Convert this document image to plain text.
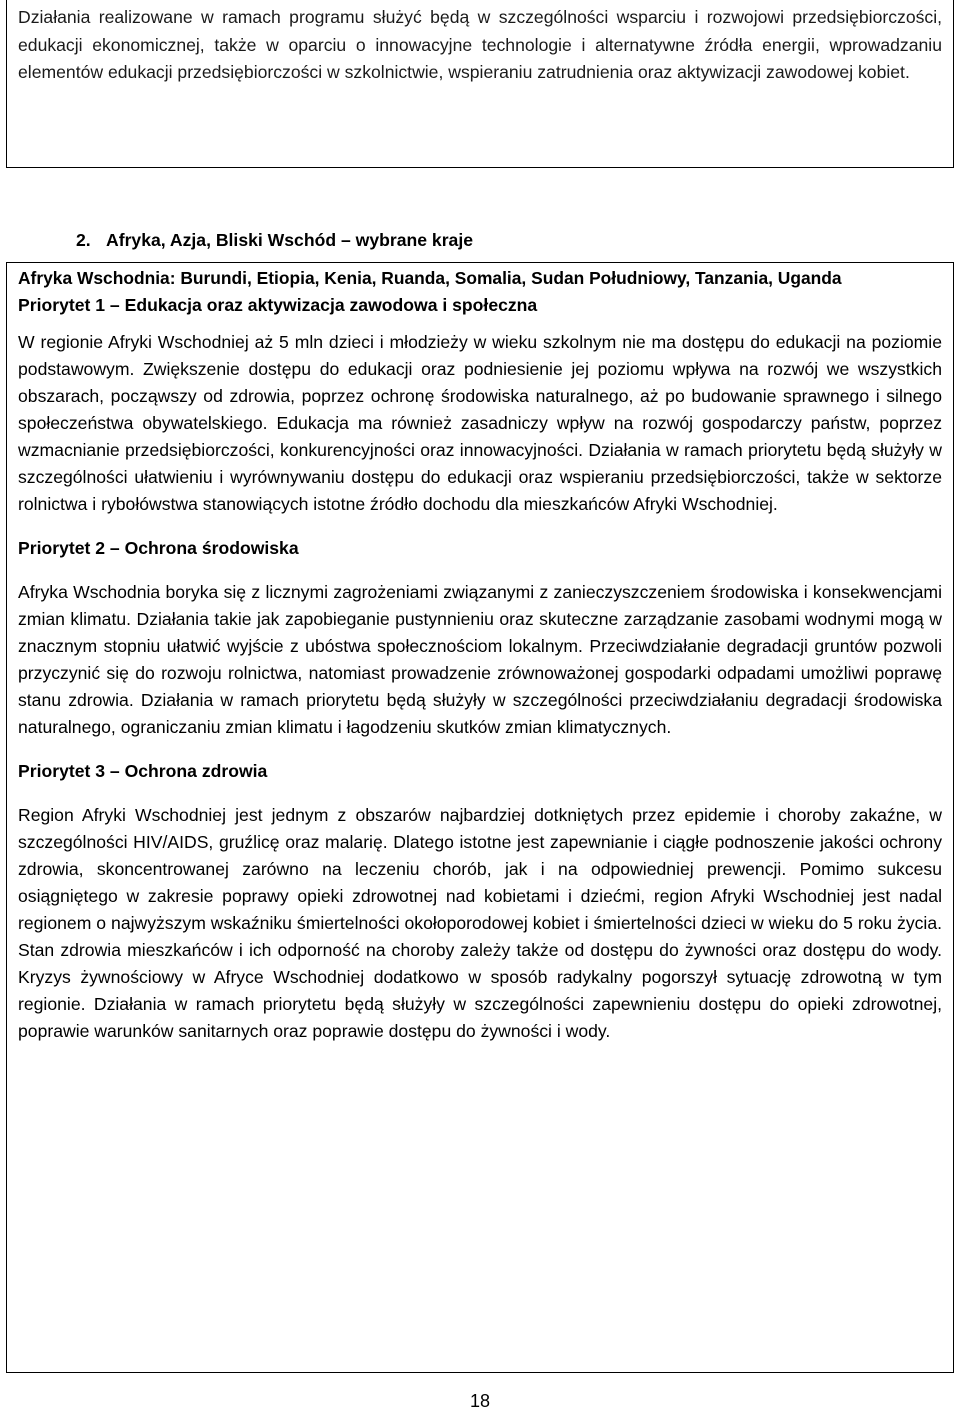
Działania realizowane w ramach programu służyć będą w szczególności wsparciu i rozwojowi przedsiębiorczości, edukacji ekonomicznej, także w oparciu o innowacyjne technologie i alternatywne źródła energii, wprowadzaniu elementów edukacji przedsiębiorczości w szkolnictwie, wspieraniu zatrudnienia oraz aktywizacji zawodowej kobiet.

2. Afryka, Azja, Bliski Wschód – wybrane kraje

Afryka Wschodnia: Burundi, Etiopia, Kenia, Ruanda, Somalia, Sudan Południowy, Tanzania, Uganda

Priorytet 1 – Edukacja oraz aktywizacja zawodowa i społeczna

W regionie Afryki Wschodniej aż 5 mln dzieci i młodzieży w wieku szkolnym nie ma dostępu do edukacji na poziomie podstawowym. Zwiększenie dostępu do edukacji oraz podniesienie jej poziomu wpływa na rozwój we wszystkich obszarach, począwszy od zdrowia, poprzez ochronę środowiska naturalnego, aż po budowanie sprawnego i silnego społeczeństwa obywatelskiego. Edukacja ma również zasadniczy wpływ na rozwój gospodarczy państw, poprzez wzmacnianie przedsiębiorczości, konkurencyjności oraz innowacyjności. Działania w ramach priorytetu będą służyły w szczególności ułatwieniu i wyrównywaniu dostępu do edukacji oraz wspieraniu przedsiębiorczości, także w sektorze rolnictwa i rybołówstwa stanowiących istotne źródło dochodu dla mieszkańców Afryki Wschodniej.

Priorytet 2 – Ochrona środowiska

Afryka Wschodnia boryka się z licznymi zagrożeniami związanymi z zanieczyszczeniem środowiska i konsekwencjami zmian klimatu. Działania takie jak zapobieganie pustynnieniu oraz skuteczne zarządzanie zasobami wodnymi mogą w znacznym stopniu ułatwić wyjście z ubóstwa społecznościom lokalnym. Przeciwdziałanie degradacji gruntów pozwoli przyczynić się do rozwoju rolnictwa, natomiast prowadzenie zrównoważonej gospodarki odpadami umożliwi poprawę stanu zdrowia. Działania w ramach priorytetu będą służyły w szczególności przeciwdziałaniu degradacji środowiska naturalnego, ograniczaniu zmian klimatu i łagodzeniu skutków zmian klimatycznych.

Priorytet 3 – Ochrona zdrowia

Region Afryki Wschodniej jest jednym z obszarów najbardziej dotkniętych przez epidemie i choroby zakaźne, w szczególności HIV/AIDS, gruźlicę oraz malarię. Dlatego istotne jest zapewnianie i ciągłe podnoszenie jakości ochrony zdrowia, skoncentrowanej zarówno na leczeniu chorób, jak i na odpowiedniej prewencji. Pomimo sukcesu osiągniętego w zakresie poprawy opieki zdrowotnej nad kobietami i dziećmi, region Afryki Wschodniej jest nadal regionem o najwyższym wskaźniku śmiertelności okołoporodowej kobiet i śmiertelności dzieci w wieku do 5 roku życia. Stan zdrowia mieszkańców i ich odporność na choroby zależy także od dostępu do żywności oraz dostępu do wody. Kryzys żywnościowy w Afryce Wschodniej dodatkowo w sposób radykalny pogorszył sytuację zdrowotną w tym regionie. Działania w ramach priorytetu będą służyły w szczególności zapewnieniu dostępu do opieki zdrowotnej, poprawie warunków sanitarnych oraz poprawie dostępu do żywności i wody.

18
